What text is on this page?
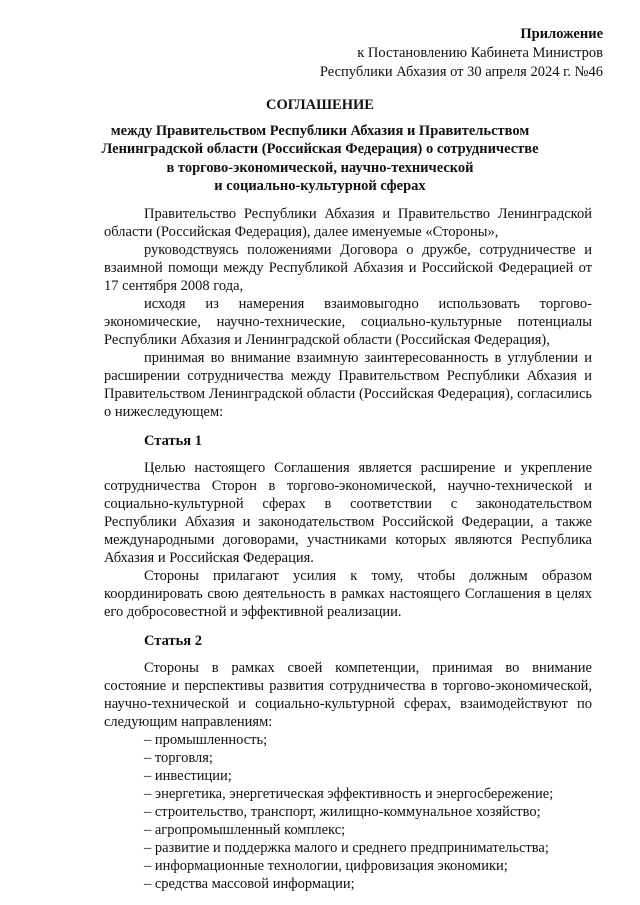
Приложение
к Постановлению Кабинета Министров
Республики Абхазия от 30 апреля 2024 г. №46
СОГЛАШЕНИЕ
между Правительством Республики Абхазия и Правительством
Ленинградской области (Российская Федерация) о сотрудничестве
в торгово-экономической, научно-технической
и социально-культурной сферах

Правительство Республики Абхазия и Правительство Ленинградской области (Российская Федерация), далее именуемые «Стороны»,

руководствуясь положениями Договора о дружбе, сотрудничестве и взаимной помощи между Республикой Абхазия и Российской Федерацией от 17 сентября 2008 года,

исходя из намерения взаимовыгодно использовать торгово-экономические, научно-технические, социально-культурные потенциалы Республики Абхазия и Ленинградской области (Российская Федерация),

принимая во внимание взаимную заинтересованность в углублении и расширении сотрудничества между Правительством Республики Абхазия и Правительством Ленинградской области (Российская Федерация), согласились о нижеследующем:

Статья 1

Целью настоящего Соглашения является расширение и укрепление сотрудничества Сторон в торгово-экономической, научно-технической и социально-культурной сферах в соответствии с законодательством Республики Абхазия и законодательством Российской Федерации, а также международными договорами, участниками которых являются Республика Абхазия и Российская Федерация.

Стороны прилагают усилия к тому, чтобы должным образом координировать свою деятельность в рамках настоящего Соглашения в целях его добросовестной и эффективной реализации.

Статья 2

Стороны в рамках своей компетенции, принимая во внимание состояние и перспективы развития сотрудничества в торгово-экономической, научно-технической и социально-культурной сферах, взаимодействуют по следующим направлениям:

– промышленность;
– торговля;
– инвестиции;
– энергетика, энергетическая эффективность и энергосбережение;
– строительство, транспорт, жилищно-коммунальное хозяйство;
– агропромышленный комплекс;
– развитие и поддержка малого и среднего предпринимательства;
– информационные технологии, цифровизация экономики;
– средства массовой информации;
